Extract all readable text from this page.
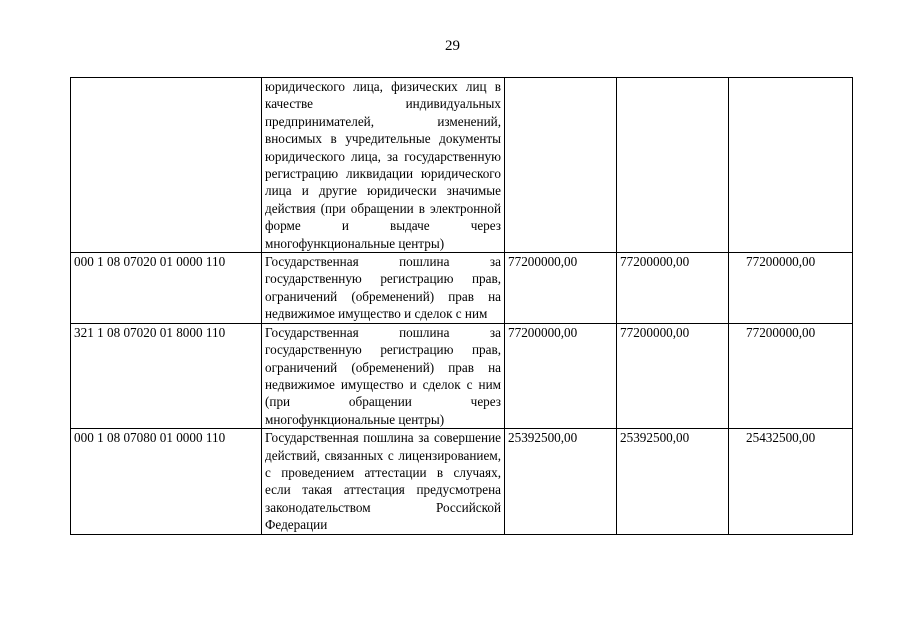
29
	юридического лица, физических лиц в качестве индивидуальных предпринимателей, изменений, вносимых в учредительные документы юридического лица, за государственную регистрацию ликвидации юридического лица и другие юридически значимые действия (при обращении в электронной форме и выдаче через многофункциональные центры)			
000 1 08 07020 01 0000 110	Государственная пошлина за государственную регистрацию прав, ограничений (обременений) прав на недвижимое имущество и сделок с ним	77200000,00	77200000,00	77200000,00
321 1 08 07020 01 8000 110	Государственная пошлина за государственную регистрацию прав, ограничений (обременений) прав на недвижимое имущество и сделок с ним (при обращении через многофункциональные центры)	77200000,00	77200000,00	77200000,00
000 1 08 07080 01 0000 110	Государственная пошлина за совершение действий, связанных с лицензированием, с проведением аттестации в случаях, если такая аттестация предусмотрена законодательством Российской Федерации	25392500,00	25392500,00	25432500,00
